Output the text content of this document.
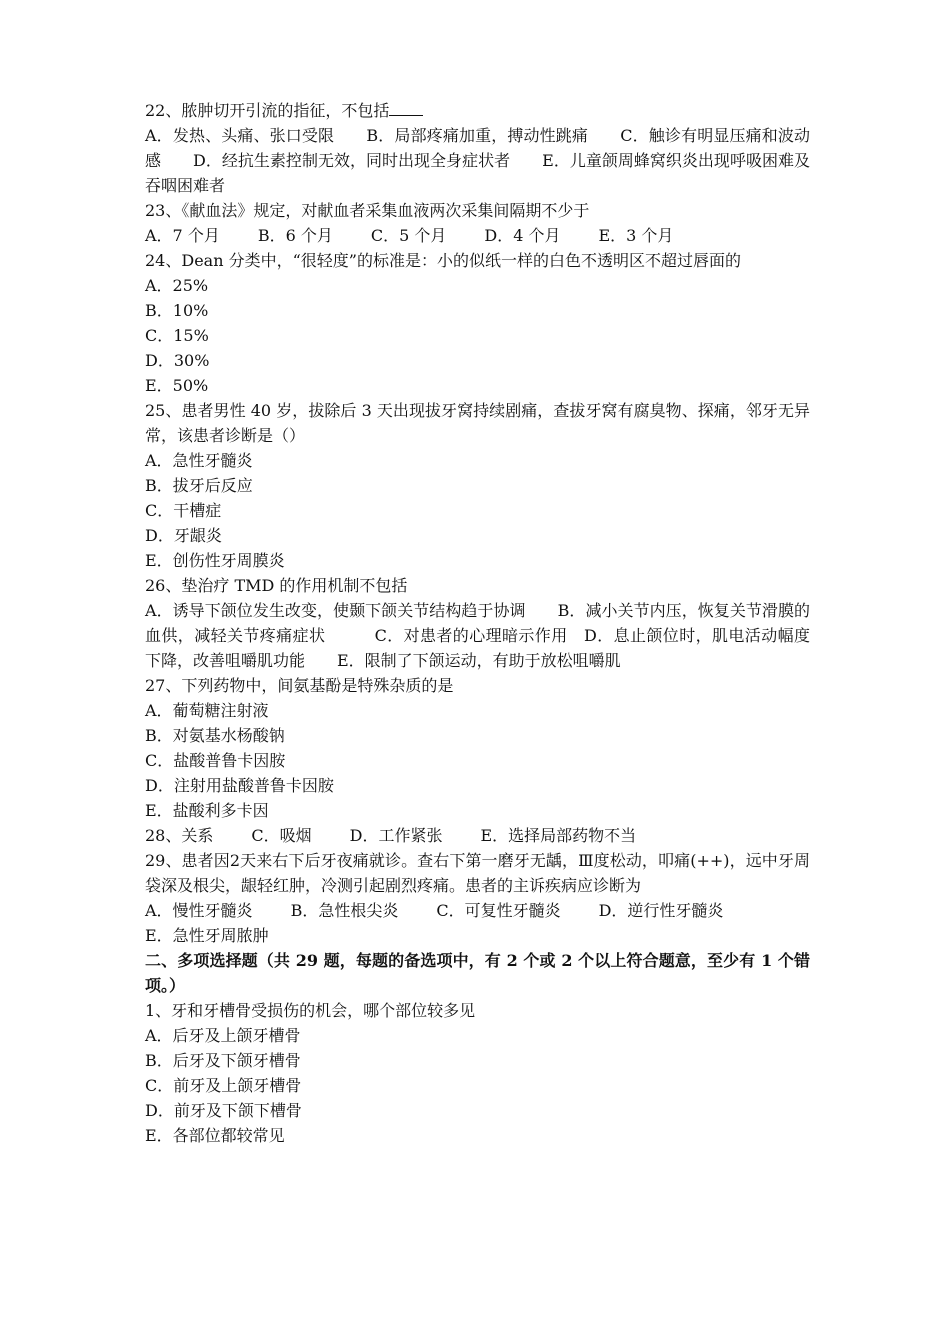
22、脓肿切开引流的指征，不包括
A．发热、头痛、张口受限　　B．局部疼痛加重，搏动性跳痛　　C．触诊有明显压痛和波动感　　D．经抗生素控制无效，同时出现全身症状者　　E．儿童颌周蜂窝织炎出现呼吸困难及吞咽困难者
23、《献血法》规定，对献血者采集血液两次采集间隔期不少于
A．7 个月 B．6 个月 C．5 个月 D．4 个月 E．3 个月
24、Dean 分类中，“很轻度”的标准是：小的似纸一样的白色不透明区不超过唇面的
A．25%
B．10%
C．15%
D．30%
E．50%
25、患者男性 40 岁，拔除后 3 天出现拔牙窝持续剧痛，查拔牙窝有腐臭物、探痛，邻牙无异常，该患者诊断是（）
A．急性牙髓炎
B．拔牙后反应
C．干槽症
D．牙龈炎
E．创伤性牙周膜炎
26、垫治疗 TMD 的作用机制不包括
A．诱导下颌位发生改变，使颞下颌关节结构趋于协调　　B．减小关节内压，恢复关节滑膜的血供，减轻关节疼痛症状　　　C．对患者的心理暗示作用　D．息止颌位时，肌电活动幅度下降，改善咀嚼肌功能　　E．限制了下颌运动，有助于放松咀嚼肌
27、下列药物中，间氨基酚是特殊杂质的是
A．葡萄糖注射液
B．对氨基水杨酸钠
C．盐酸普鲁卡因胺
D．注射用盐酸普鲁卡因胺
E．盐酸利多卡因
28、关系 C．吸烟 D．工作紧张 E．选择局部药物不当
29、患者因2天来右下后牙夜痛就诊。查右下第一磨牙无龋，Ⅲ度松动，叩痛(++)，远中牙周袋深及根尖，龈轻红肿，冷测引起剧烈疼痛。患者的主诉疾病应诊断为
A．慢性牙髓炎 B．急性根尖炎 C．可复性牙髓炎 D．逆行性牙髓炎
E．急性牙周脓肿
二、多项选择题（共 29 题，每题的备选项中，有 2 个或 2 个以上符合题意，至少有 1 个错项。）
1、牙和牙槽骨受损伤的机会，哪个部位较多见
A．后牙及上颌牙槽骨
B．后牙及下颌牙槽骨
C．前牙及上颌牙槽骨
D．前牙及下颌下槽骨
E．各部位都较常见
